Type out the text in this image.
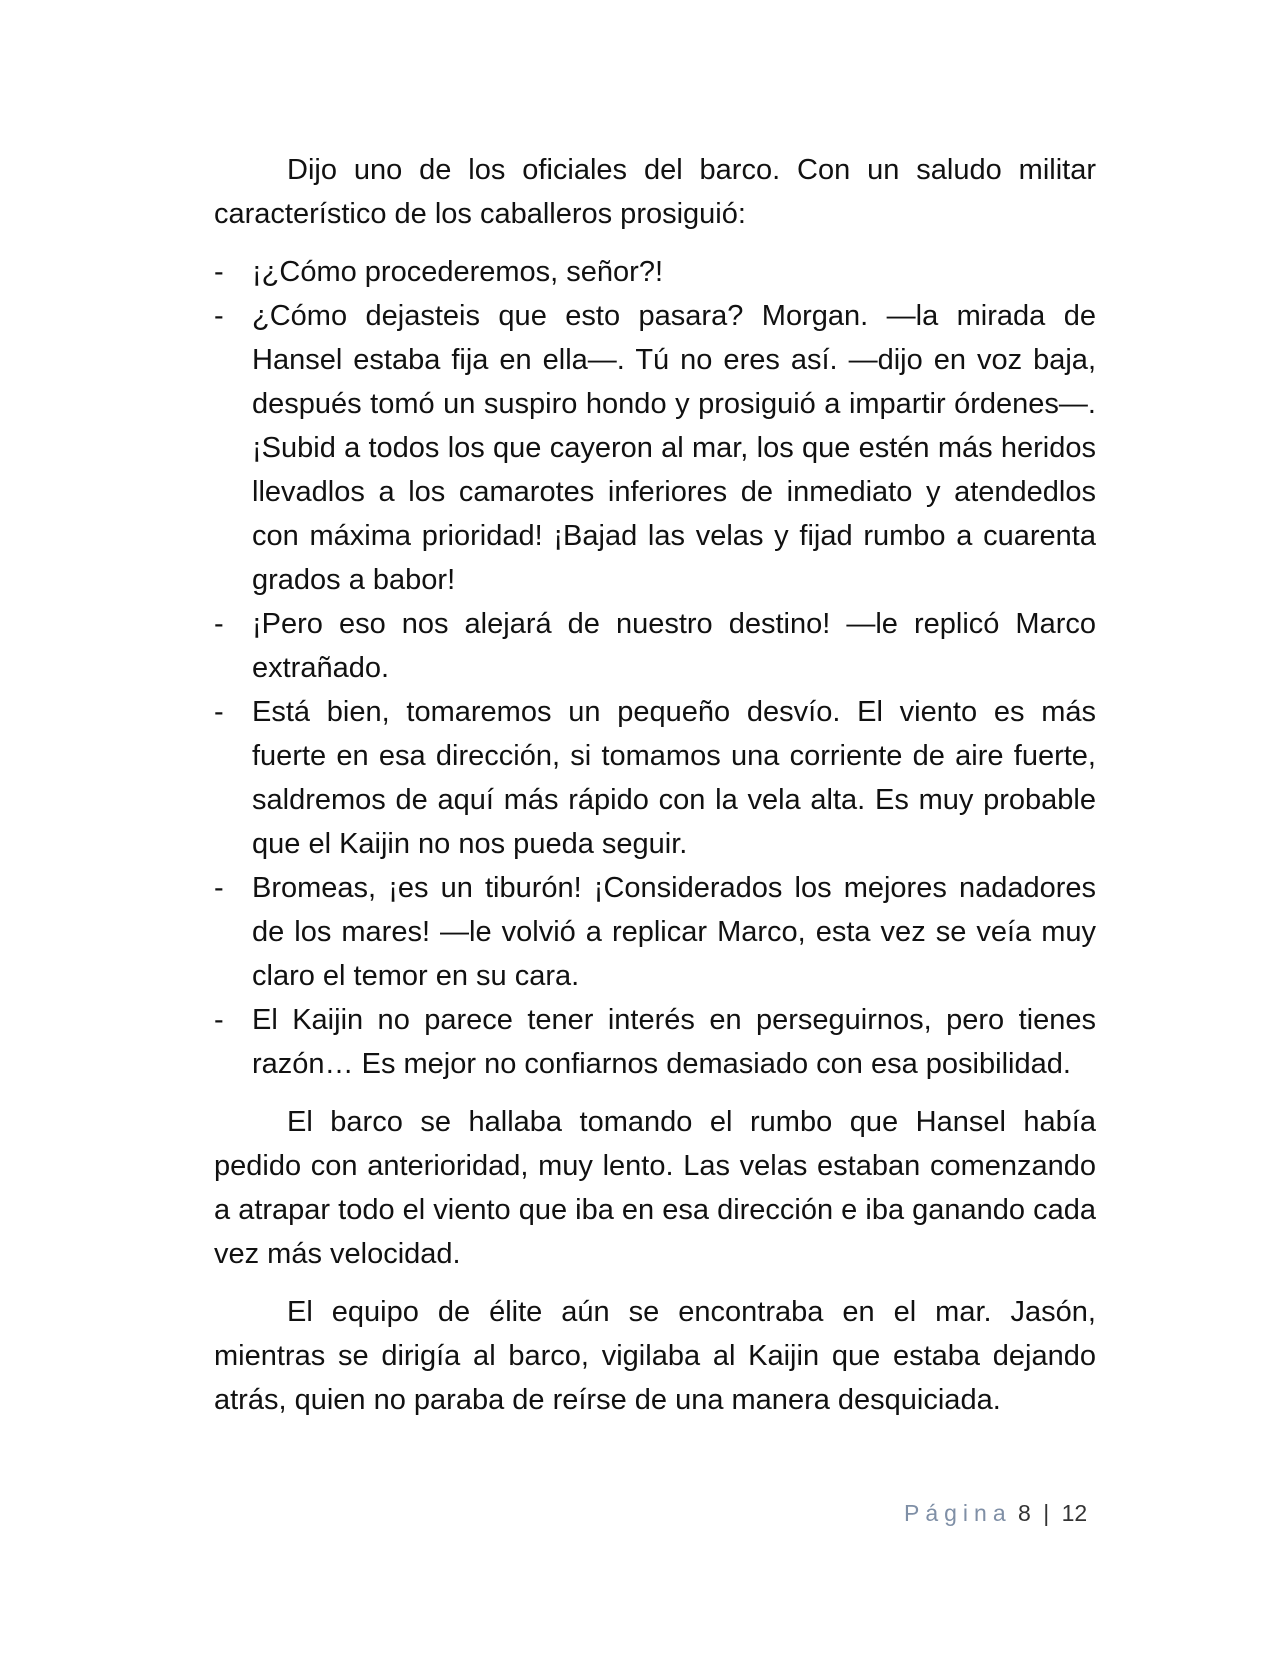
Dijo uno de los oficiales del barco. Con un saludo militar característico de los caballeros prosiguió:

- ¡¿Cómo procederemos, señor?!
- ¿Cómo dejasteis que esto pasara? Morgan. —la mirada de Hansel estaba fija en ella—. Tú no eres así. —dijo en voz baja, después tomó un suspiro hondo y prosiguió a impartir órdenes—. ¡Subid a todos los que cayeron al mar, los que estén más heridos llevadlos a los camarotes inferiores de inmediato y atendedlos con máxima prioridad! ¡Bajad las velas y fijad rumbo a cuarenta grados a babor!
- ¡Pero eso nos alejará de nuestro destino! —le replicó Marco extrañado.
- Está bien, tomaremos un pequeño desvío. El viento es más fuerte en esa dirección, si tomamos una corriente de aire fuerte, saldremos de aquí más rápido con la vela alta. Es muy probable que el Kaijin no nos pueda seguir.
- Bromeas, ¡es un tiburón! ¡Considerados los mejores nadadores de los mares! —le volvió a replicar Marco, esta vez se veía muy claro el temor en su cara.
- El Kaijin no parece tener interés en perseguirnos, pero tienes razón… Es mejor no confiarnos demasiado con esa posibilidad.

El barco se hallaba tomando el rumbo que Hansel había pedido con anterioridad, muy lento. Las velas estaban comenzando a atrapar todo el viento que iba en esa dirección e iba ganando cada vez más velocidad.

El equipo de élite aún se encontraba en el mar. Jasón, mientras se dirigía al barco, vigilaba al Kaijin que estaba dejando atrás, quien no paraba de reírse de una manera desquiciada.

Página 8 | 12
